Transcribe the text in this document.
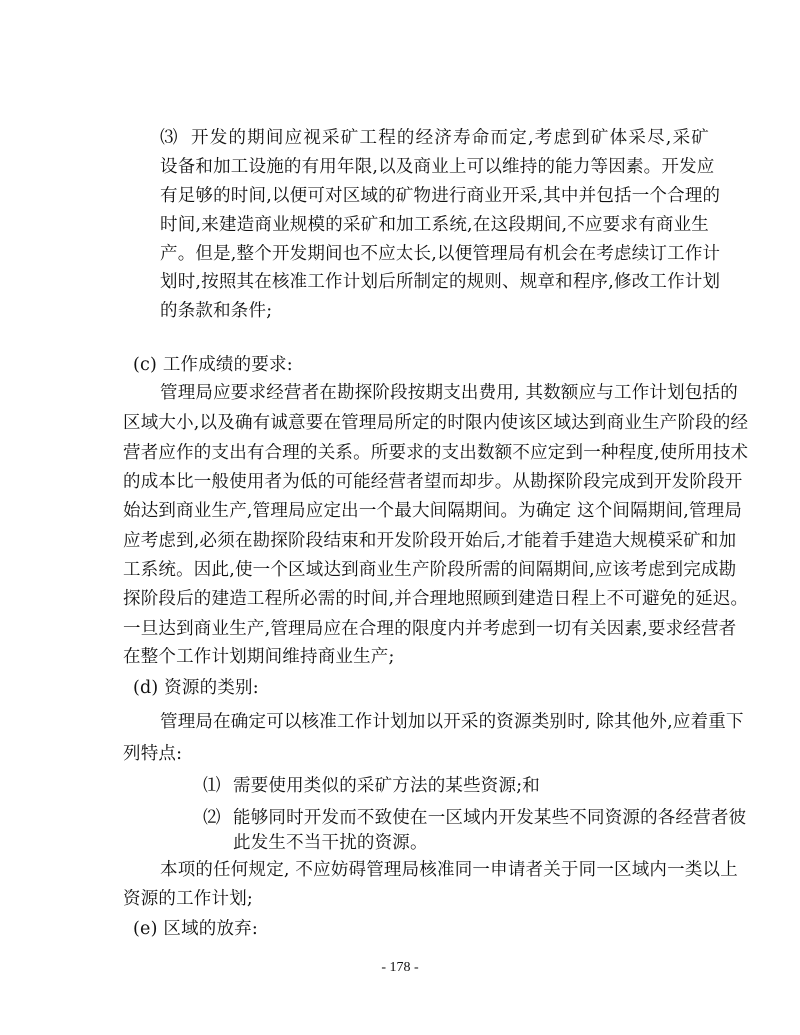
⑶ 开发的期间应视采矿工程的经济寿命而定,考虑到矿体采尽,采矿
设备和加工设施的有用年限,以及商业上可以维持的能力等因素。开发应
有足够的时间,以便可对区域的矿物进行商业开采,其中并包括一个合理的
时间,来建造商业规模的采矿和加工系统,在这段期间,不应要求有商业生
产。但是,整个开发期间也不应太长,以便管理局有机会在考虑续订工作计
划时,按照其在核准工作计划后所制定的规则、规章和程序,修改工作计划
的条款和条件;
(c) 工作成绩的要求:
管理局应要求经营者在勘探阶段按期支出费用, 其数额应与工作计划包括的
区域大小,以及确有诚意要在管理局所定的时限内使该区域达到商业生产阶段的经
营者应作的支出有合理的关系。所要求的支出数额不应定到一种程度,使所用技术
的成本比一般使用者为低的可能经营者望而却步。从勘探阶段完成到开发阶段开
始达到商业生产,管理局应定出一个最大间隔期间。为确定 这个间隔期间,管理局
应考虑到,必须在勘探阶段结束和开发阶段开始后,才能着手建造大规模采矿和加
工系统。因此,使一个区域达到商业生产阶段所需的间隔期间,应该考虑到完成勘
探阶段后的建造工程所必需的时间,并合理地照顾到建造日程上不可避免的延迟。
一旦达到商业生产,管理局应在合理的限度内并考虑到一切有关因素,要求经营者
在整个工作计划期间维持商业生产;
(d) 资源的类别:
管理局在确定可以核准工作计划加以开采的资源类别时, 除其他外,应着重下
列特点:
⑴ 需要使用类似的采矿方法的某些资源;和
⑵ 能够同时开发而不致使在一区域内开发某些不同资源的各经营者彼
此发生不当干扰的资源。
本项的任何规定, 不应妨碍管理局核准同一申请者关于同一区域内一类以上
- 178 -
资源的工作计划;
(e) 区域的放弃:
